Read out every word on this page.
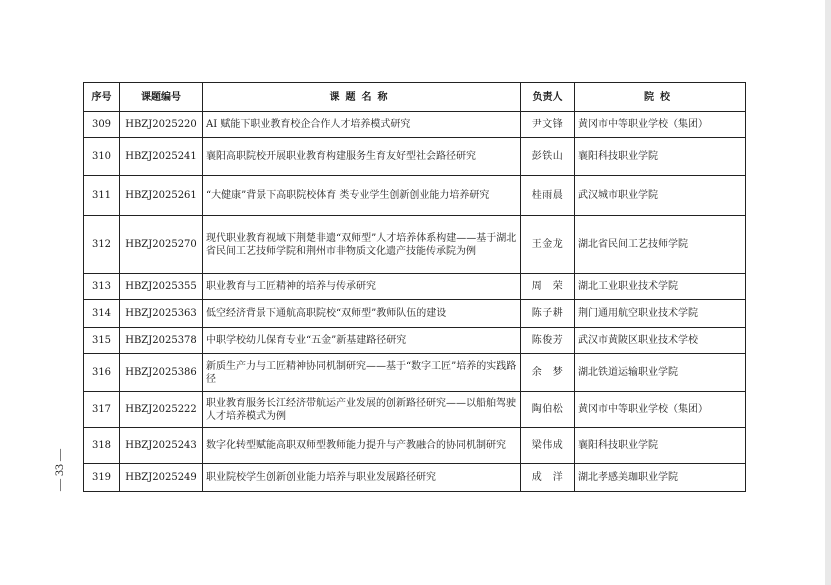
序号	课题编号	课题名称	负责人	院校
309	HBZJ2025220	AI 赋能下职业教育校企合作人才培养模式研究	尹文锋	黄冈市中等职业学校（集团）
310	HBZJ2025241	襄阳高职院校开展职业教育构建服务生育友好型社会路径研究	彭铁山	襄阳科技职业学院
311	HBZJ2025261	“大健康”背景下高职院校体育 类专业学生创新创业能力培养研究	桂雨晨	武汉城市职业学院
312	HBZJ2025270	现代职业教育视域下荆楚非遗“双师型”人才培养体系构建——基于湖北省民间工艺技师学院和荆州市非物质文化遗产技能传承院为例	王金龙	湖北省民间工艺技师学院
313	HBZJ2025355	职业教育与工匠精神的培养与传承研究	周　荣	湖北工业职业技术学院
314	HBZJ2025363	低空经济背景下通航高职院校“双师型”教师队伍的建设	陈子耕	荆门通用航空职业技术学院
315	HBZJ2025378	中职学校幼儿保育专业“五金”新基建路径研究	陈俊芳	武汉市黄陂区职业技术学校
316	HBZJ2025386	新质生产力与工匠精神协同机制研究——基于“数字工匠”培养的实践路径	余　梦	湖北铁道运输职业学院
317	HBZJ2025222	职业教育服务长江经济带航运产业发展的创新路径研究——以船舶驾驶人才培养模式为例	陶伯松	黄冈市中等职业学校（集团）
318	HBZJ2025243	数字化转型赋能高职双师型教师能力提升与产教融合的协同机制研究	梁伟成	襄阳科技职业学院
319	HBZJ2025249	职业院校学生创新创业能力培养与职业发展路径研究	成　洋	湖北孝感美珈职业学院
— 33 —
